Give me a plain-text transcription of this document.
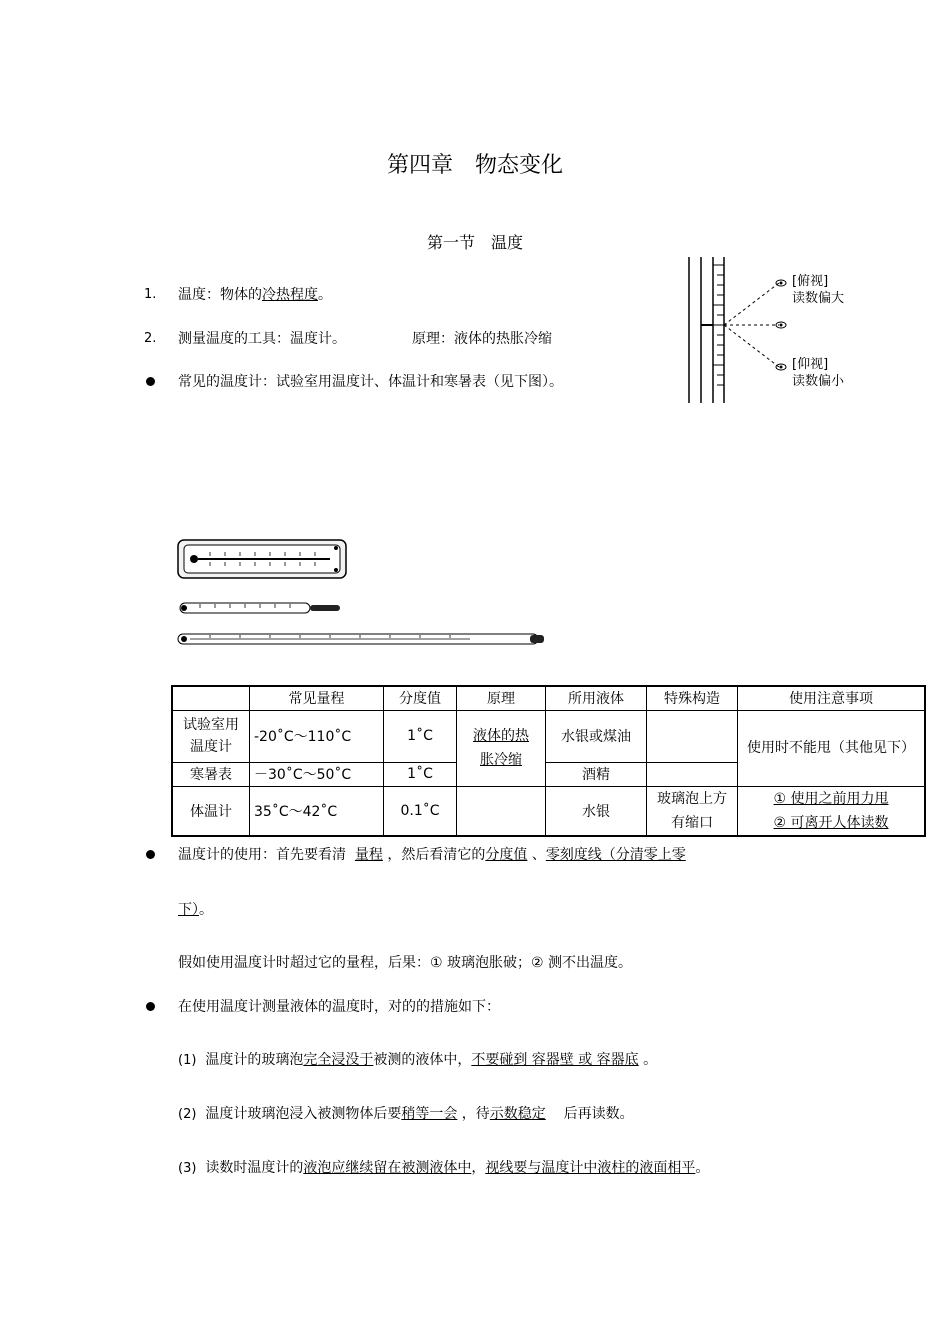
第四章　物态变化
第一节　温度
1. 温度：物体的冷热程度。
2. 测量温度的工具：温度计。	原理：液体的热胀冷缩
常见的温度计：试验室用温度计、体温计和寒暑表（见下图）。
[俯视]
读数偏大
[仰视]
读数偏小
	常见量程	分度值	原理	所用液体	特殊构造	使用注意事项
试验室用温度计	-20˚C～110˚C	1˚C	液体的热胀冷缩	水银或煤油		使用时不能甩（其他见下）
寒暑表	－30˚C～50˚C	1˚C		酒精		
体温计	35˚C～42˚C	0.1˚C		水银	玻璃泡上方有缩口	① 使用之前用力甩
② 可离开人体读数
温度计的使用：首先要看清 量程 ，然后看清它的分度值 、零刻度线（分清零上零
下）。
假如使用温度计时超过它的量程，后果：① 玻璃泡胀破；② 测不出温度。
在使用温度计测量液体的温度时，对的的措施如下：
(1) 温度计的玻璃泡完全浸没于被测的液体中，不要碰到 容器壁 或 容器底 。
(2) 温度计玻璃泡浸入被测物体后要稍等一会 ，待示数稳定 后再读数。
(3) 读数时温度计的液泡应继续留在被测液体中，视线要与温度计中液柱的液面相平。
